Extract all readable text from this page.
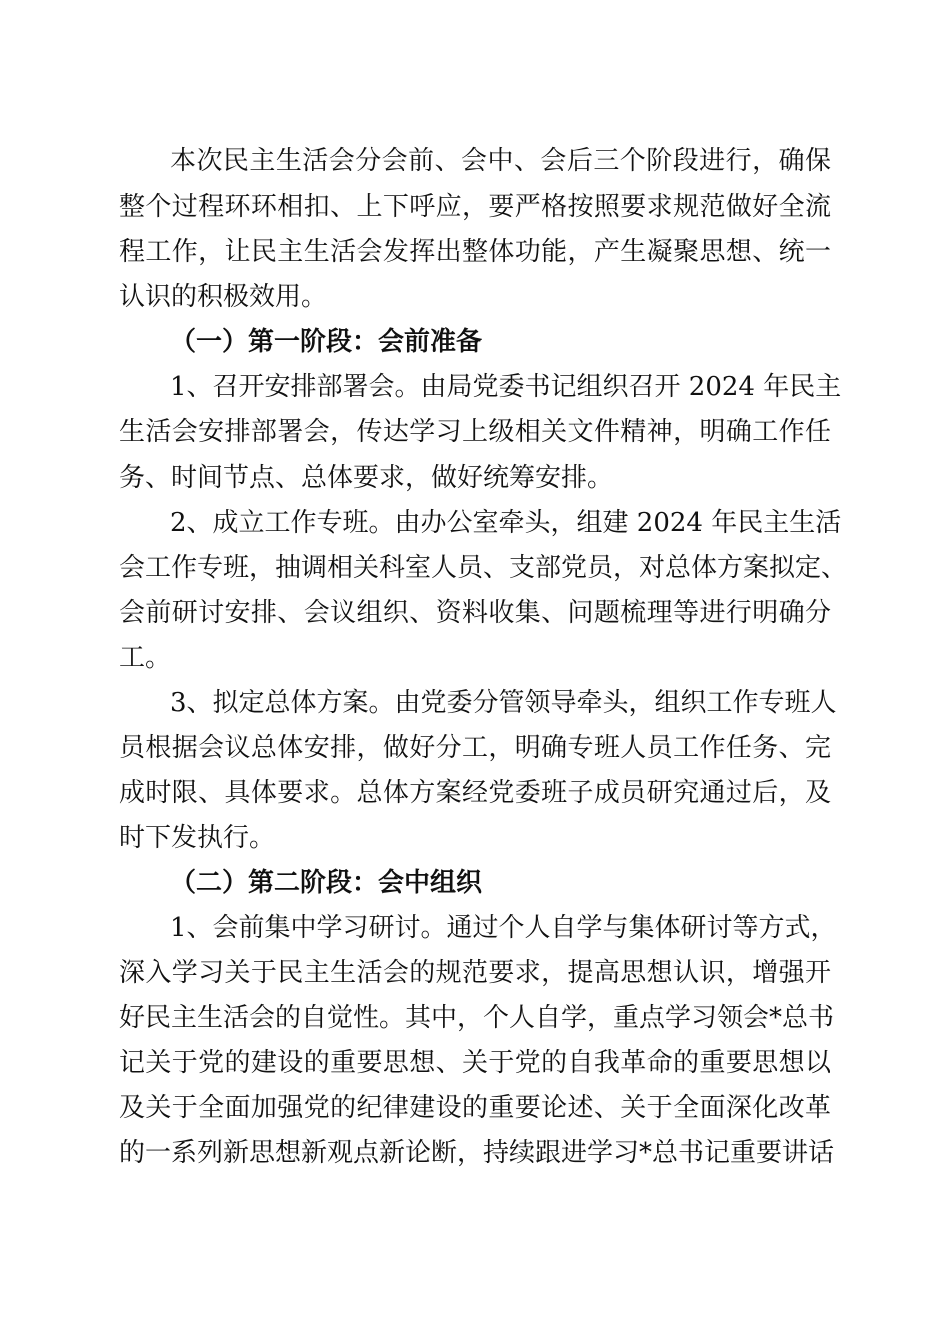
本次民主生活会分会前、会中、会后三个阶段进行，确保
整个过程环环相扣、上下呼应，要严格按照要求规范做好全流
程工作，让民主生活会发挥出整体功能，产生凝聚思想、统一
认识的积极效用。
（一）第一阶段：会前准备
1、召开安排部署会。由局党委书记组织召开 2024 年民主
生活会安排部署会，传达学习上级相关文件精神，明确工作任
务、时间节点、总体要求，做好统筹安排。
2、成立工作专班。由办公室牵头，组建 2024 年民主生活
会工作专班，抽调相关科室人员、支部党员，对总体方案拟定、
会前研讨安排、会议组织、资料收集、问题梳理等进行明确分
工。
3、拟定总体方案。由党委分管领导牵头，组织工作专班人
员根据会议总体安排，做好分工，明确专班人员工作任务、完
成时限、具体要求。总体方案经党委班子成员研究通过后，及
时下发执行。
（二）第二阶段：会中组织
1、会前集中学习研讨。通过个人自学与集体研讨等方式，
深入学习关于民主生活会的规范要求，提高思想认识，增强开
好民主生活会的自觉性。其中，个人自学，重点学习领会*总书
记关于党的建设的重要思想、关于党的自我革命的重要思想以
及关于全面加强党的纪律建设的重要论述、关于全面深化改革
的一系列新思想新观点新论断，持续跟进学习*总书记重要讲话
